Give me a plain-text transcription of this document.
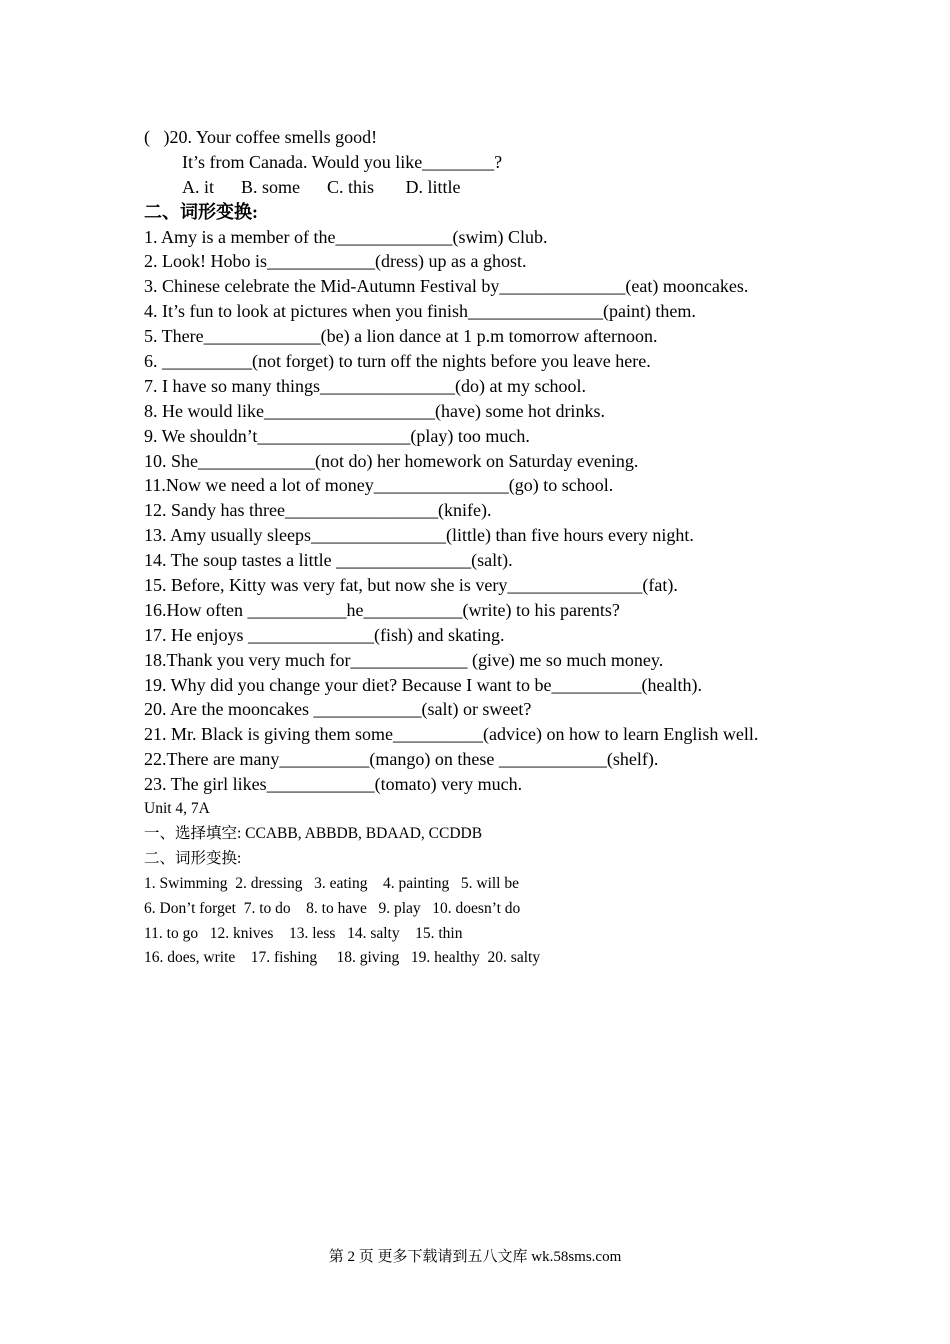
(   )20. Your coffee smells good!
It’s from Canada. Would you like________?
A. it      B. some      C. this       D. little
二、词形变换:
1. Amy is a member of the_____________(swim) Club.
2. Look! Hobo is____________(dress) up as a ghost.
3. Chinese celebrate the Mid-Autumn Festival by______________(eat) mooncakes.
4. It’s fun to look at pictures when you finish_______________(paint) them.
5. There_____________(be) a lion dance at 1 p.m tomorrow afternoon.
6. __________(not forget) to turn off the nights before you leave here.
7. I have so many things_______________(do) at my school.
8. He would like___________________(have) some hot drinks.
9. We shouldn’t_________________(play) too much.
10. She_____________(not do) her homework on Saturday evening.
11.Now we need a lot of money_______________(go) to school.
12. Sandy has three_________________(knife).
13. Amy usually sleeps_______________(little) than five hours every night.
14. The soup tastes a little _______________(salt).
15. Before, Kitty was very fat, but now she is very_______________(fat).
16.How often ___________he___________(write) to his parents?
17. He enjoys ______________(fish) and skating.
18.Thank you very much for_____________ (give) me so much money.
19. Why did you change your diet? Because I want to be__________(health).
20. Are the mooncakes ____________(salt) or sweet?
21. Mr. Black is giving them some__________(advice) on how to learn English well.
22.There are many__________(mango) on these ____________(shelf).
23. The girl likes____________(tomato) very much.
Unit 4, 7A
一、选择填空: CCABB, ABBDB, BDAAD, CCDDB
二、词形变换:
1. Swimming  2. dressing   3. eating    4. painting   5. will be
6. Don’t forget  7. to do    8. to have   9. play   10. doesn’t do
11. to go   12. knives    13. less   14. salty    15. thin
16. does, write    17. fishing     18. giving   19. healthy  20. salty
第 2 页 更多下载请到五八文库 wk.58sms.com
